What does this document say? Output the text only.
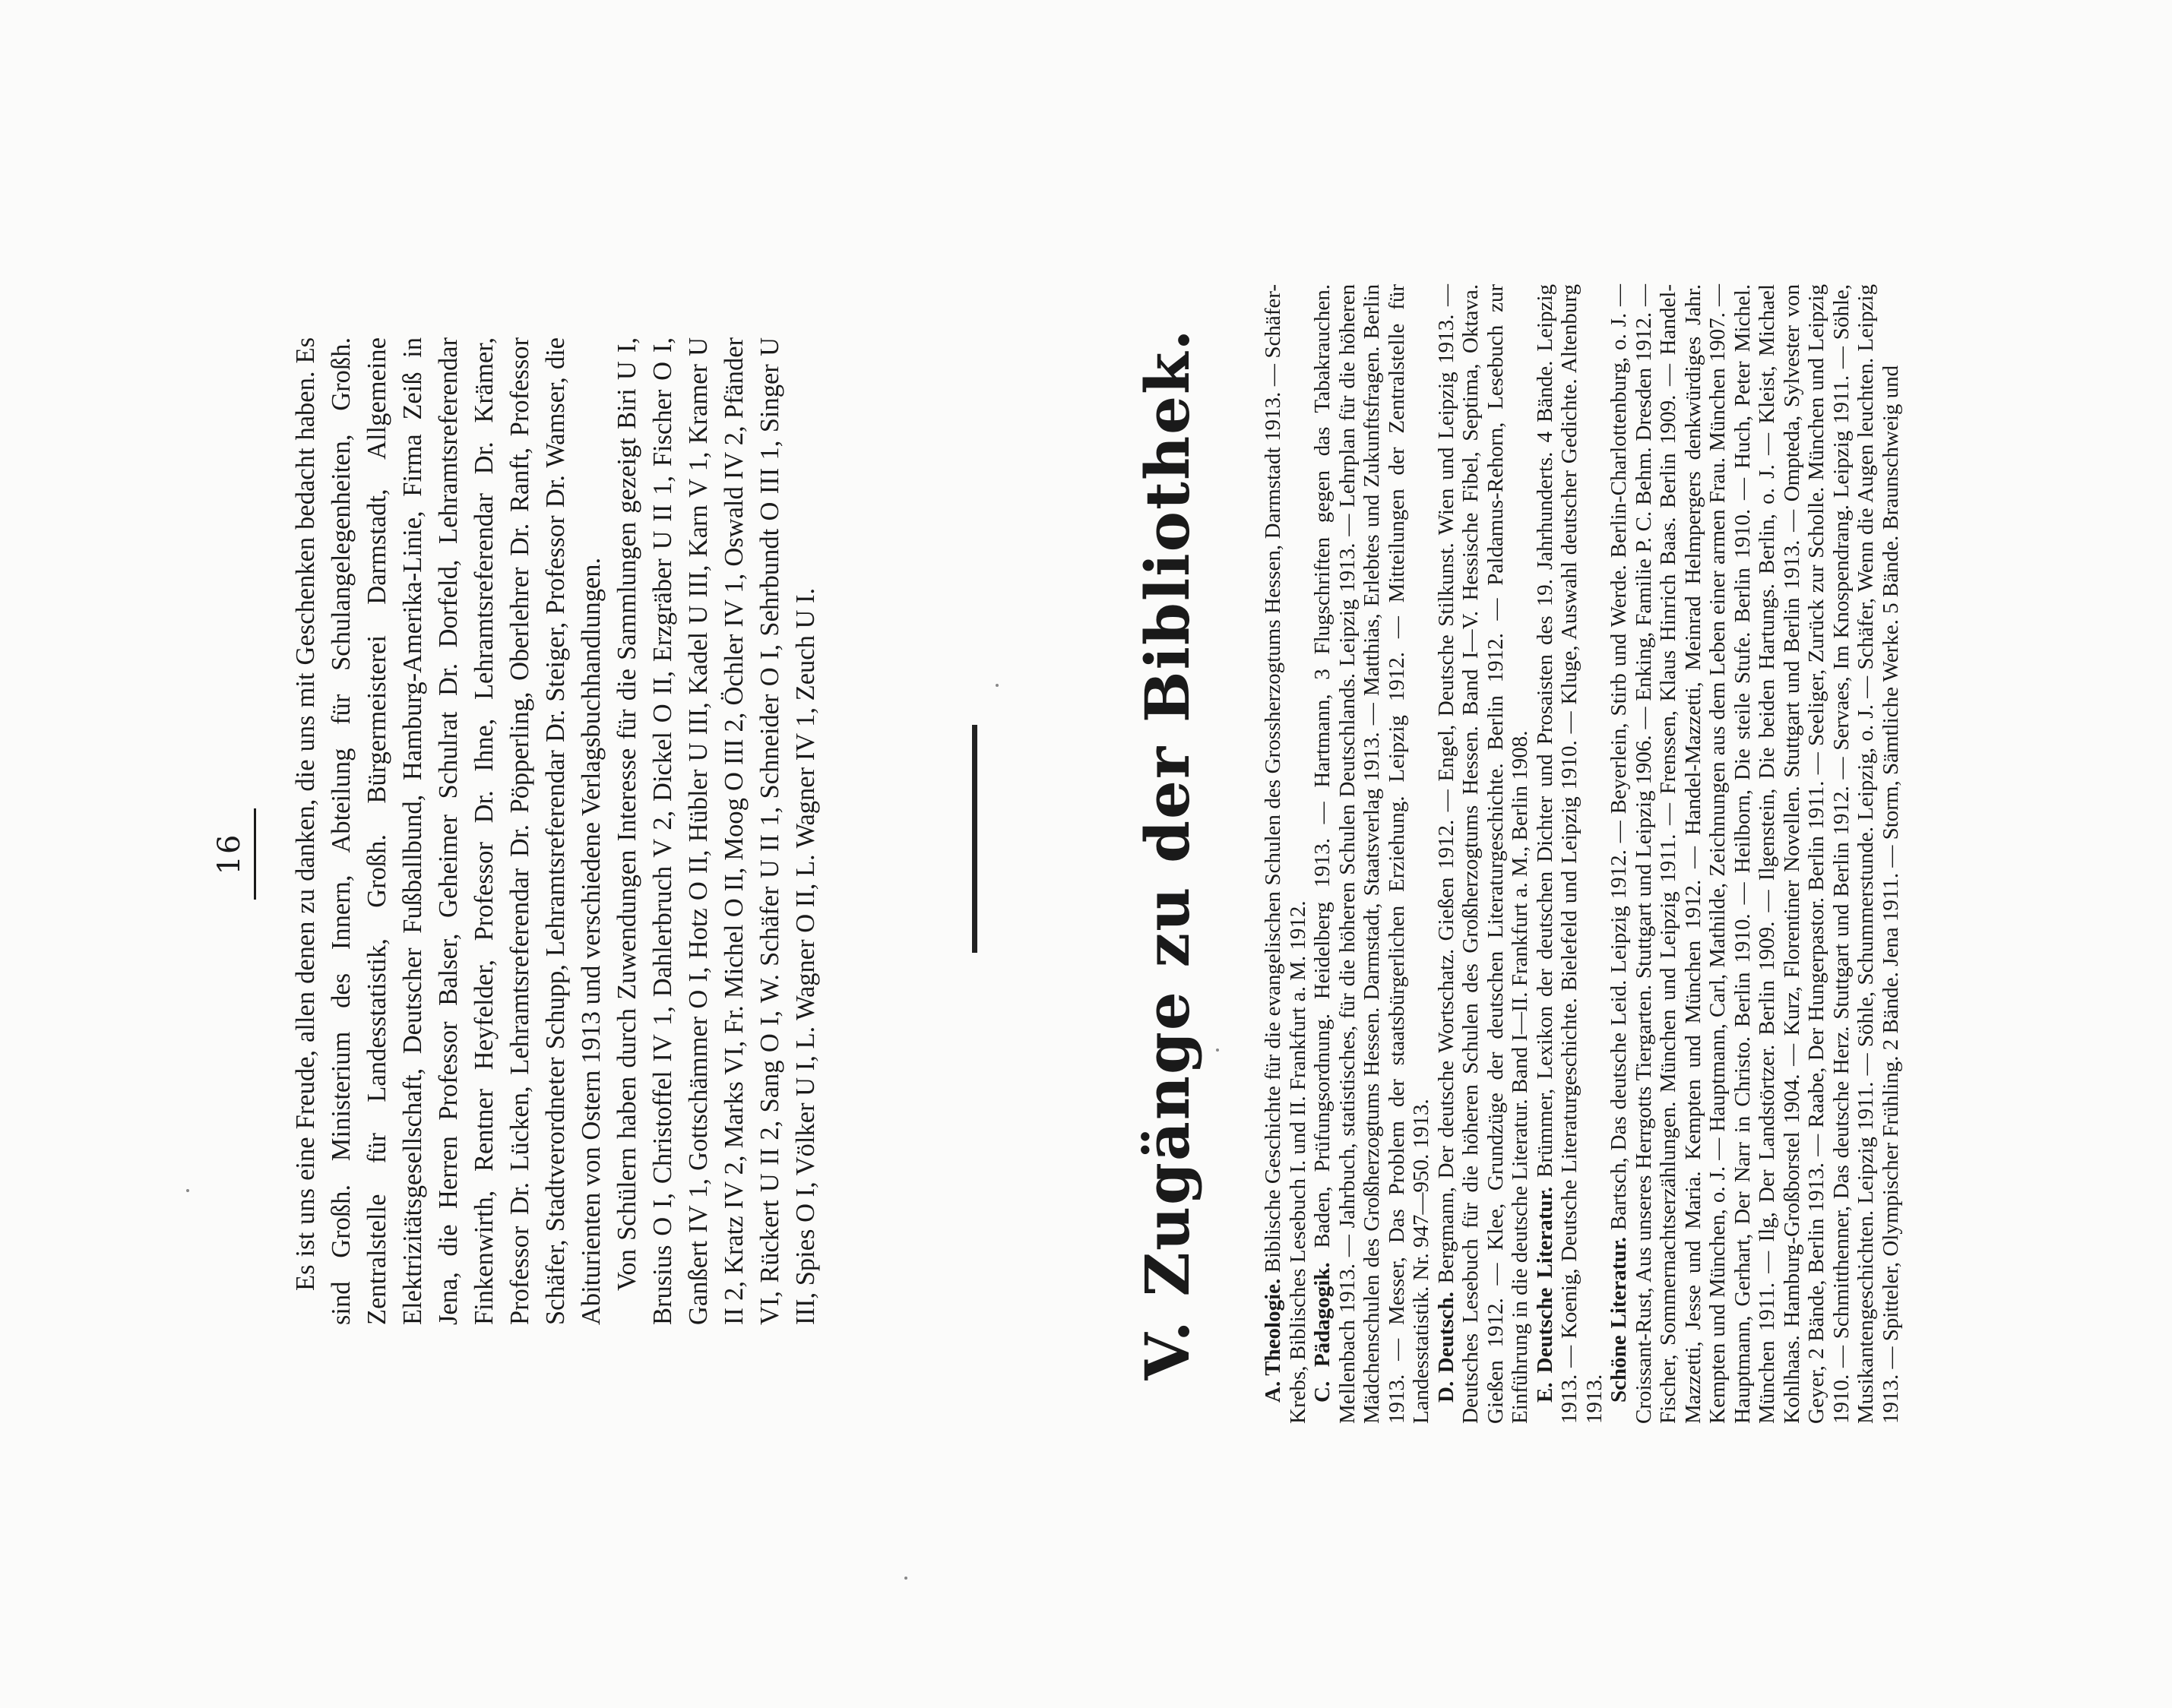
16 Es ist uns eine Freude, allen denen zu danken, die uns mit Geschenken bedacht haben. Es sind Großh. Ministerium des Innern, Abteilung für Schulangelegenheiten, Großh. Zentralstelle für Landesstatistik, Großh. Bürgermeisterei Darmstadt, Allgemeine Elektrizitätsgesellschaft, Deutscher Fußballbund, Hamburg-Amerika-Linie, Firma Zeiß in Jena, die Herren Professor Balser, Geheimer Schulrat Dr. Dorfeld, Lehramtsreferendar Finkenwirth, Rentner Heyfelder, Professor Dr. Ihne, Lehramtsreferendar Dr. Krämer, Professor Dr. Lücken, Lehramtsreferendar Dr. Pöpperling, Oberlehrer Dr. Ranft, Professor Schäfer, Stadtverordneter Schupp, Lehramtsreferendar Dr. Steiger, Professor Dr. Wamser, die Abiturienten von Ostern 1913 und verschiedene Verlagsbuchhandlungen. Von Schülern haben durch Zuwendungen Interesse für die Sammlungen gezeigt Biri U I, Brusius O I, Christoffel IV 1, Dahlerbruch V 2, Dickel O II, Erzgräber U II 1, Fischer O I, Ganßert IV 1, Gottschämmer O I, Hotz O II, Hübler U III, Kadel U III, Karn V 1, Kramer U II 2, Kratz IV 2, Marks VI, Fr. Michel O II, Moog O III 2, Öchler IV 1, Oswald IV 2, Pfänder VI, Rückert U II 2, Sang O I, W. Schäfer U II 1, Schneider O I, Sehrbundt O III 1, Singer U III, Spies O I, Völker U I, L. Wagner O II, L. Wagner IV 1, Zeuch U I.	V. Zugänge zu der Bibliothek.	A. Theologie. Biblische Geschichte für die evangelischen Schulen des Grossherzogtums Hessen, Darmstadt 1913. — Schäfer-Krebs, Biblisches Lesebuch I. und II. Frankfurt a. M. 1912. C. Pädagogik. Baden, Prüfungsordnung. Heidelberg 1913. — Hartmann, 3 Flugschriften gegen das Tabakrauchen. Mellenbach 1913. — Jahrbuch, statistisches, für die höheren Schulen Deutschlands. Leipzig 1913. — Lehrplan für die höheren Mädchenschulen des Großherzogtums Hessen. Darmstadt, Staatsverlag 1913. — Matthias, Erlebtes und Zukunftsfragen. Berlin 1913. — Messer, Das Problem der staatsbürgerlichen Erziehung. Leipzig 1912. — Mitteilungen der Zentralstelle für Landesstatistik. Nr. 947—950. 1913. D. Deutsch. Bergmann, Der deutsche Wortschatz. Gießen 1912. — Engel, Deutsche Stilkunst. Wien und Leipzig 1913. — Deutsches Lesebuch für die höheren Schulen des Großherzogtums Hessen. Band I—V. Hessische Fibel, Septima, Oktava. Gießen 1912. — Klee, Grundzüge der deutschen Literaturgeschichte. Berlin 1912. — Paldamus-Rehorn, Lesebuch zur Einführung in die deutsche Literatur. Band I—II. Frankfurt a. M., Berlin 1908. E. Deutsche Literatur. Brümmer, Lexikon der deutschen Dichter und Prosaisten des 19. Jahrhunderts. 4 Bände. Leipzig 1913. — Koenig, Deutsche Literaturgeschichte. Bielefeld und Leipzig 1910. — Kluge, Auswahl deutscher Gedichte. Altenburg 1913. Schöne Literatur. Bartsch, Das deutsche Leid. Leipzig 1912. — Beyerlein, Stirb und Werde. Berlin-Charlottenburg, o. J. — Croissant-Rust, Aus unseres Herrgotts Tiergarten. Stuttgart und Leipzig 1906. — Enking, Familie P. C. Behm. Dresden 1912. — Fischer, Sommernachtserzählungen. München und Leipzig 1911. — Frenssen, Klaus Hinrich Baas. Berlin 1909. — Handel-Mazzetti, Jesse und Maria. Kempten und München 1912. — Handel-Mazzetti, Meinrad Helmpergers denkwürdiges Jahr. Kempten und München, o. J. — Hauptmann, Carl, Mathilde, Zeichnungen aus dem Leben einer armen Frau. München 1907. — Hauptmann, Gerhart, Der Narr in Christo. Berlin 1910. — Heilborn, Die steile Stufe. Berlin 1910. — Huch, Peter Michel. München 1911. — Ilg, Der Landstörtzer. Berlin 1909. — Ilgenstein, Die beiden Hartungs. Berlin, o. J. — Kleist, Michael Kohlhaas. Hamburg-Großborstel 1904. — Kurz, Florentiner Novellen. Stuttgart und Berlin 1913. — Ompteda, Sylvester von Geyer, 2 Bände, Berlin 1913. — Raabe, Der Hungerpastor. Berlin 1911. — Seeliger, Zurück zur Scholle. München und Leipzig 1910. — Schmitthenner, Das deutsche Herz. Stuttgart und Berlin 1912. — Servaes, Im Knospendrang. Leipzig 1911. — Söhle, Musikantengeschichten. Leipzig 1911. — Söhle, Schummerstunde. Leipzig, o. J. — Schäfer, Wenn die Augen leuchten. Leipzig 1913. — Spitteler, Olympischer Frühling. 2 Bände. Jena 1911. — Storm, Sämtliche Werke. 5 Bände. Braunschweig und
